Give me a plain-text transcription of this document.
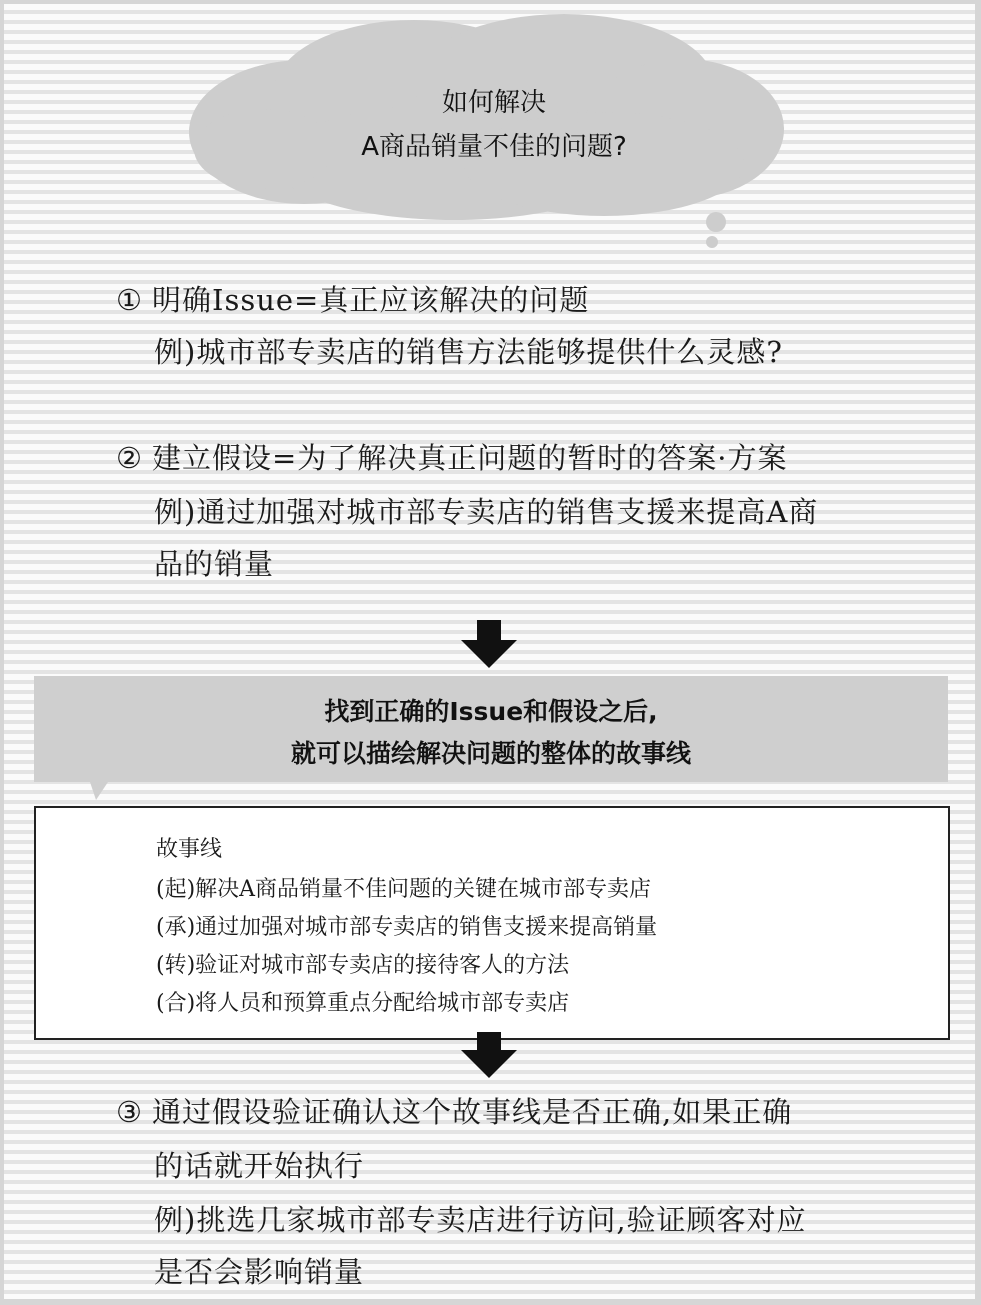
如何解决
A商品销量不佳的问题?
① 明确Issue=真正应该解决的问题
例)城市部专卖店的销售方法能够提供什么灵感?
② 建立假设=为了解决真正问题的暂时的答案·方案
例)通过加强对城市部专卖店的销售支援来提高A商
品的销量
找到正确的Issue和假设之后,
就可以描绘解决问题的整体的故事线
故事线
(起)解决A商品销量不佳问题的关键在城市部专卖店
(承)通过加强对城市部专卖店的销售支援来提高销量
(转)验证对城市部专卖店的接待客人的方法
(合)将人员和预算重点分配给城市部专卖店
③ 通过假设验证确认这个故事线是否正确,如果正确
的话就开始执行
例)挑选几家城市部专卖店进行访问,验证顾客对应
是否会影响销量
